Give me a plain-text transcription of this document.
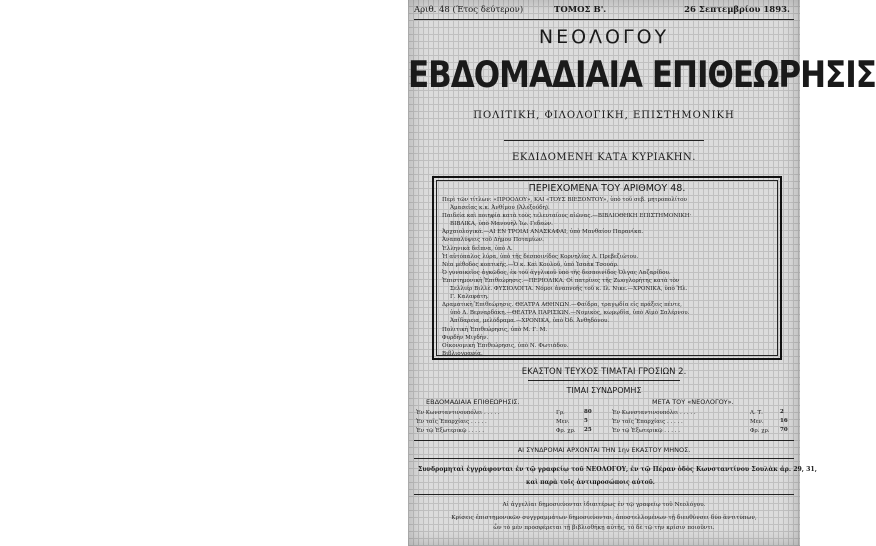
Αριθ. 48 (Έτος δεύτερον)	ΤΟΜΟΣ Β'.	26 Σεπτεμβρίου 1893.
ΝΕΟΛΟΓΟΥ
ΕΒΔΟΜΑΔΙΑΙΑ ΕΠΙΘΕΩΡΗΣΙΣ
ΠΟΛΙΤΙΚΗ, ΦΙΛΟΛΟΓΙΚΗ, ΕΠΙΣΤΗΜΟΝΙΚΗ
ΕΚΔΙΔΟΜΕΝΗ ΚΑΤΑ ΚΥΡΙΑΚΗΝ.
ΠΕΡΙΕΧΟΜΕΝΑ ΤΟΥ ΑΡΙΘΜΟΥ 48.
Περὶ τῶν τίτλων: «ΠΡΟΟΔΟΥ», ΚΑΙ «ΤΟΥΣ ΒΙΕΞΟΝΤΟΥ», ὑπὸ τοῦ σεβ. μητροπολίτου
Ἀμασείας κ.κ. Ἀνθίμου (Ἀλεξούδη).
Παιδεία καὶ ποιηφία κατὰ τοὺς τελευταίους αἰῶνας.—ΒΙΒΛΙΟΘΗΚΗ ΕΠΙΣΤΗΜΟΝΙΚΗ·
ΒΙΒΛΙΚΑ, ὑπὸ Μανουὴλ Ἰω. Γεδεών.
Ἀρχαιολογικά.—ΑΙ ΕΝ ΤΡΟΙΑΙ ΑΝΑΣΚΑΦΑΙ, ὑπὸ Μανθαίου Παρανίκα.
Ἀναπαλύψεις τοῦ Δήμου Ποταμίων.
Ἑλληνικὰ δεῖπνα, ὑπὸ Λ.
Ἡ αὐτόπαλος λύρα, ὑπὸ τῆς δεσποινίδος Κορνηλίας Λ. Πρεβεζιώτου.
Νέα μέθοδος κοπτικῆς.—Ὁ κ. Καὶ Κουλοῦ, ὑπὸ Ἰσαὰκ Τσουάρ.
Ὁ γυναικεῖος ἀγκῶδος, ἐκ τοῦ ἀγγλικοῦ ὑπὸ τῆς δεσποινίδος Ὀλγας Λαζαρίδου.
Ἐπιστημονικὴ Ἐπιθεώρησις.—ΠΕΡΙΟΔΙΚΑ. Οἱ πατρίνες τῆς Ζωογλορήτης κατὰ τὸν
Σελλιέρ Βιλλὲ. ΦΥΣΙΟΛΟΓΙΑ. Νόμοι ἀναπνοῆς τοῦ κ. Ιλ. Νικε.—ΧΡΟΝΙΚΑ, ὑπὸ Ἠλ.
Γ. Καλαφάτη.
Δραματικὴ Ἐπιθεώρησις. ΘΕΑΤΡΑ ΑΘΗΝΩΝ.—Φαίδρα, τραγῳδία εἰς πράξεις πέντε,
ὑπὸ Δ. Βερναρδάκη.—ΘΕΑΤΡΑ ΠΑΡΙΣΙΩΝ.—Νομικὸς, κωμῳδία, ὑπὸ Αἰμὸ Σαλέρνου.
Ἀπίδαρεια, μελόδραμα.—ΧΡΟΝΙΚΑ, ὑπὸ Ὀδ. Ἀνθηδόνου.
Πολιτικὴ Ἐπιθεώρησις, ὑπὸ Μ. Γ. Μ.
Φυρδὴν Μιγδήν.
Οἰκονομικὴ Ἐπιθεώρησις, ὑπὸ Ν. Φωτιάδου.
Βιβλιογραφία.
ΕΚΑΣΤΟΝ ΤΕΥΧΟΣ ΤΙΜΑΤΑΙ ΓΡΟΣΙΩΝ 2.
ΤΙΜΑΙ ΣΥΝΔΡΟΜΗΣ
ΕΒΔΟΜΑΔΙΑΙΑ ΕΠΙΘΕΩΡΗΣΙΣ.
Ἐν Κωνσταντινουπόλει . . . . .	Γρ.	80
Ἐν ταῖς Ἐπαρχίαις . . . . .	Μεν.	5
Ἐν τῷ Ἐξωτερικῷ . . . . .	Φρ. χρ. 25
ΜΕΤΑ ΤΟΥ «ΝΕΟΛΟΓΟΥ».
Ἐν Κωνσταντινουπόλει . . . . .	Λ. Τ.	2
Ἐν ταῖς Ἐπαρχίαις . . . . .	Μεν.	16
Ἐν τῷ Ἐξωτερικῷ . . . . .	Φρ. χρ. 70
ΑΙ ΣΥΝΔΡΟΜΑΙ ΑΡΧΟΝΤΑΙ ΤΗΝ 1ην ΕΚΑΣΤΟΥ ΜΗΝΟΣ.
Συνδρομηταὶ ἐγγράφονται ἐν τῷ γραφείῳ τοῦ ΝΕΟΛΟΓΟΥ, ἐν τῷ Πέραν ὁδὸς Κωνσταντίνου Σουλὰκ ἀρ. 29, 31,
καὶ παρὰ τοῖς ἀντιπροσώποις αὐτοῦ.
Αἱ ἀγγελίαι δημοσιεύονται ἰδιαιτέρως ἐν τῷ γραφείῳ τοῦ Νεολόγου.
Κρίσεις ἐπιστημονικῶν συγγραμμάτων δημοσιεύονται, ἀποστελλομένων τῇ διευθύνσει δύο ἀντιτύπων,
ὧν τὸ μὲν προσφέρεται τῇ βιβλιοθήκῃ αὐτῆς, τὸ δὲ τῷ τὴν κρίσιν ποιοῦντι.
